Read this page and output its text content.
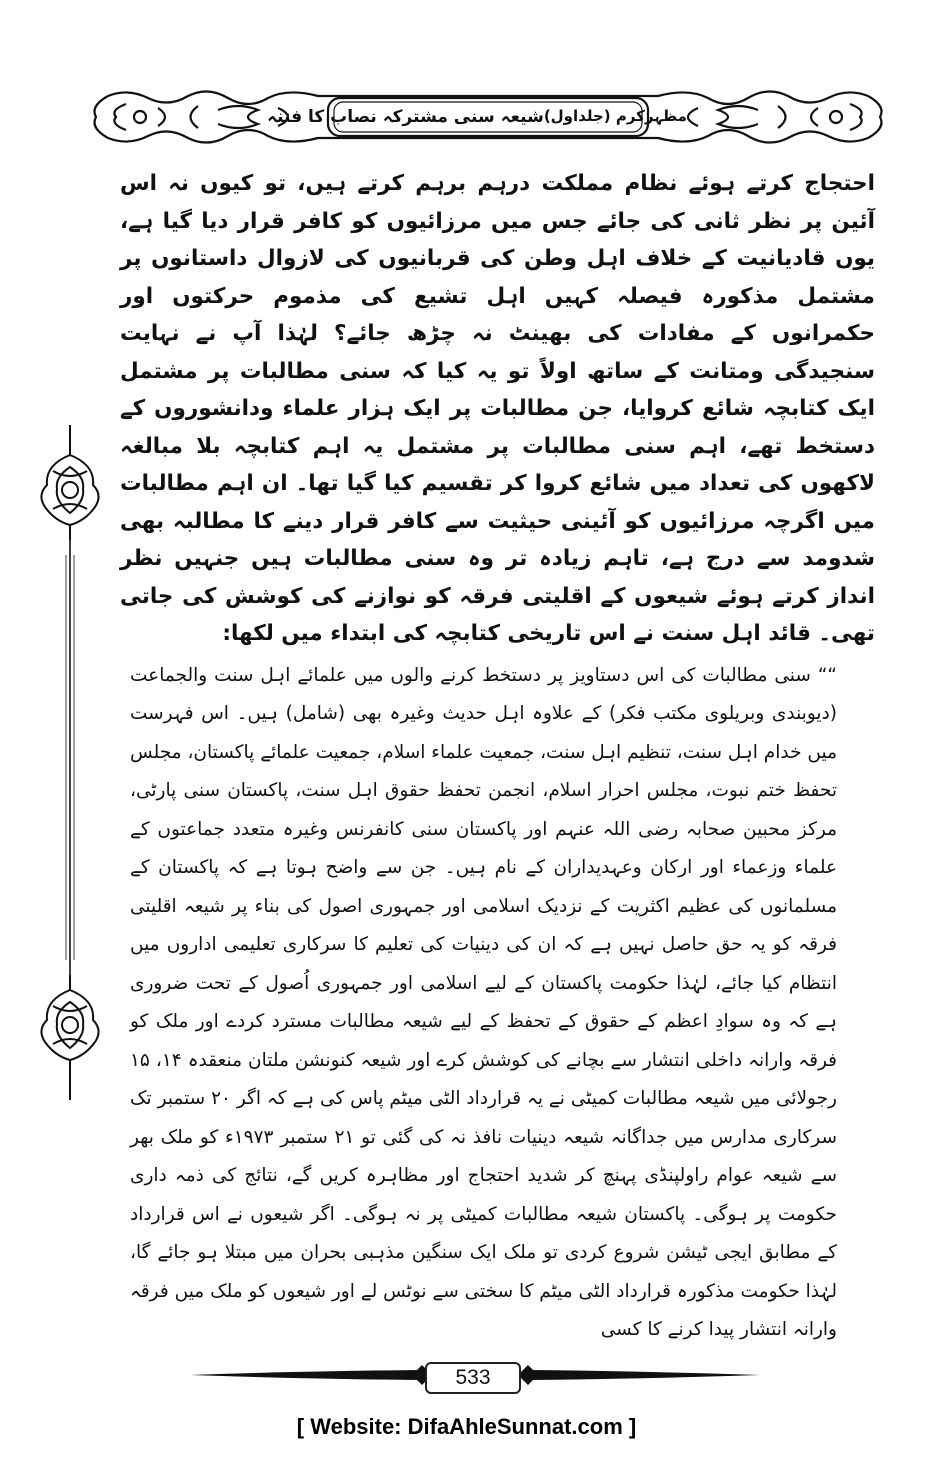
شیعہ سنی مشترکہ نصاب کا فتنہ مظہرکرم (جلداول)

احتجاج کرتے ہوئے نظام مملکت درہم برہم کرتے ہیں، تو کیوں نہ اس آئین پر نظر ثانی کی جائے جس میں مرزائیوں کو کافر قرار دیا گیا ہے، یوں قادیانیت کے خلاف اہل وطن کی قربانیوں کی لازوال داستانوں پر مشتمل مذکورہ فیصلہ کہیں اہل تشیع کی مذموم حرکتوں اور حکمرانوں کے مفادات کی بھینٹ نہ چڑھ جائے؟ لہٰذا آپ نے نہایت سنجیدگی ومتانت کے ساتھ اولاً تو یہ کیا کہ سنی مطالبات پر مشتمل ایک کتابچہ شائع کروایا، جن مطالبات پر ایک ہزار علماء ودانشوروں کے دستخط تھے، اہم سنی مطالبات پر مشتمل یہ اہم کتابچہ بلا مبالغہ لاکھوں کی تعداد میں شائع کروا کر تقسیم کیا گیا تھا۔ ان اہم مطالبات میں اگرچہ مرزائیوں کو آئینی حیثیت سے کافر قرار دینے کا مطالبہ بھی شدومد سے درج ہے، تاہم زیادہ تر وہ سنی مطالبات ہیں جنہیں نظر انداز کرتے ہوئے شیعوں کے اقلیتی فرقہ کو نوازنے کی کوشش کی جاتی تھی۔ قائد اہل سنت نے اس تاریخی کتابچہ کی ابتداء میں لکھا:

““ سنی مطالبات کی اس دستاویز پر دستخط کرنے والوں میں علمائے اہل سنت والجماعت (دیوبندی وبریلوی مکتب فکر) کے علاوہ اہل حدیث وغیرہ بھی (شامل) ہیں۔ اس فہرست میں خدام اہل سنت، تنظیم اہل سنت، جمعیت علماء اسلام، جمعیت علمائے پاکستان، مجلس تحفظ ختم نبوت، مجلس احرار اسلام، انجمن تحفظ حقوق اہل سنت، پاکستان سنی پارٹی، مرکز محبین صحابہ رضی اللہ عنہم اور پاکستان سنی کانفرنس وغیرہ متعدد جماعتوں کے علماء وزعماء اور ارکان وعہدیداران کے نام ہیں۔ جن سے واضح ہوتا ہے کہ پاکستان کے مسلمانوں کی عظیم اکثریت کے نزدیک اسلامی اور جمہوری اصول کی بناء پر شیعہ اقلیتی فرقہ کو یہ حق حاصل نہیں ہے کہ ان کی دینیات کی تعلیم کا سرکاری تعلیمی اداروں میں انتظام کیا جائے، لہٰذا حکومت پاکستان کے لیے اسلامی اور جمہوری اُصول کے تحت ضروری ہے کہ وہ سوادِ اعظم کے حقوق کے تحفظ کے لیے شیعہ مطالبات مسترد کردے اور ملک کو فرقہ وارانہ داخلی انتشار سے بچانے کی کوشش کرے اور شیعہ کنونشن ملتان منعقدہ ۱۴، ۱۵ رجولائی میں شیعہ مطالبات کمیٹی نے یہ قرارداد الٹی میٹم پاس کی ہے کہ اگر ۲۰ ستمبر تک سرکاری مدارس میں جداگانہ شیعہ دینیات نافذ نہ کی گئی تو ۲۱ ستمبر ۱۹۷۳ء کو ملک بھر سے شیعہ عوام راولپنڈی پہنچ کر شدید احتجاج اور مظاہرہ کریں گے، نتائج کی ذمہ داری حکومت پر ہوگی۔ پاکستان شیعہ مطالبات کمیٹی پر نہ ہوگی۔ اگر شیعوں نے اس قرارداد کے مطابق ایجی ٹیشن شروع کردی تو ملک ایک سنگین مذہبی بحران میں مبتلا ہو جائے گا، لہٰذا حکومت مذکورہ قرارداد الٹی میٹم کا سختی سے نوٹس لے اور شیعوں کو ملک میں فرقہ وارانہ انتشار پیدا کرنے کا کسی

533
[ Website: DifaAhleSunnat.com ]
